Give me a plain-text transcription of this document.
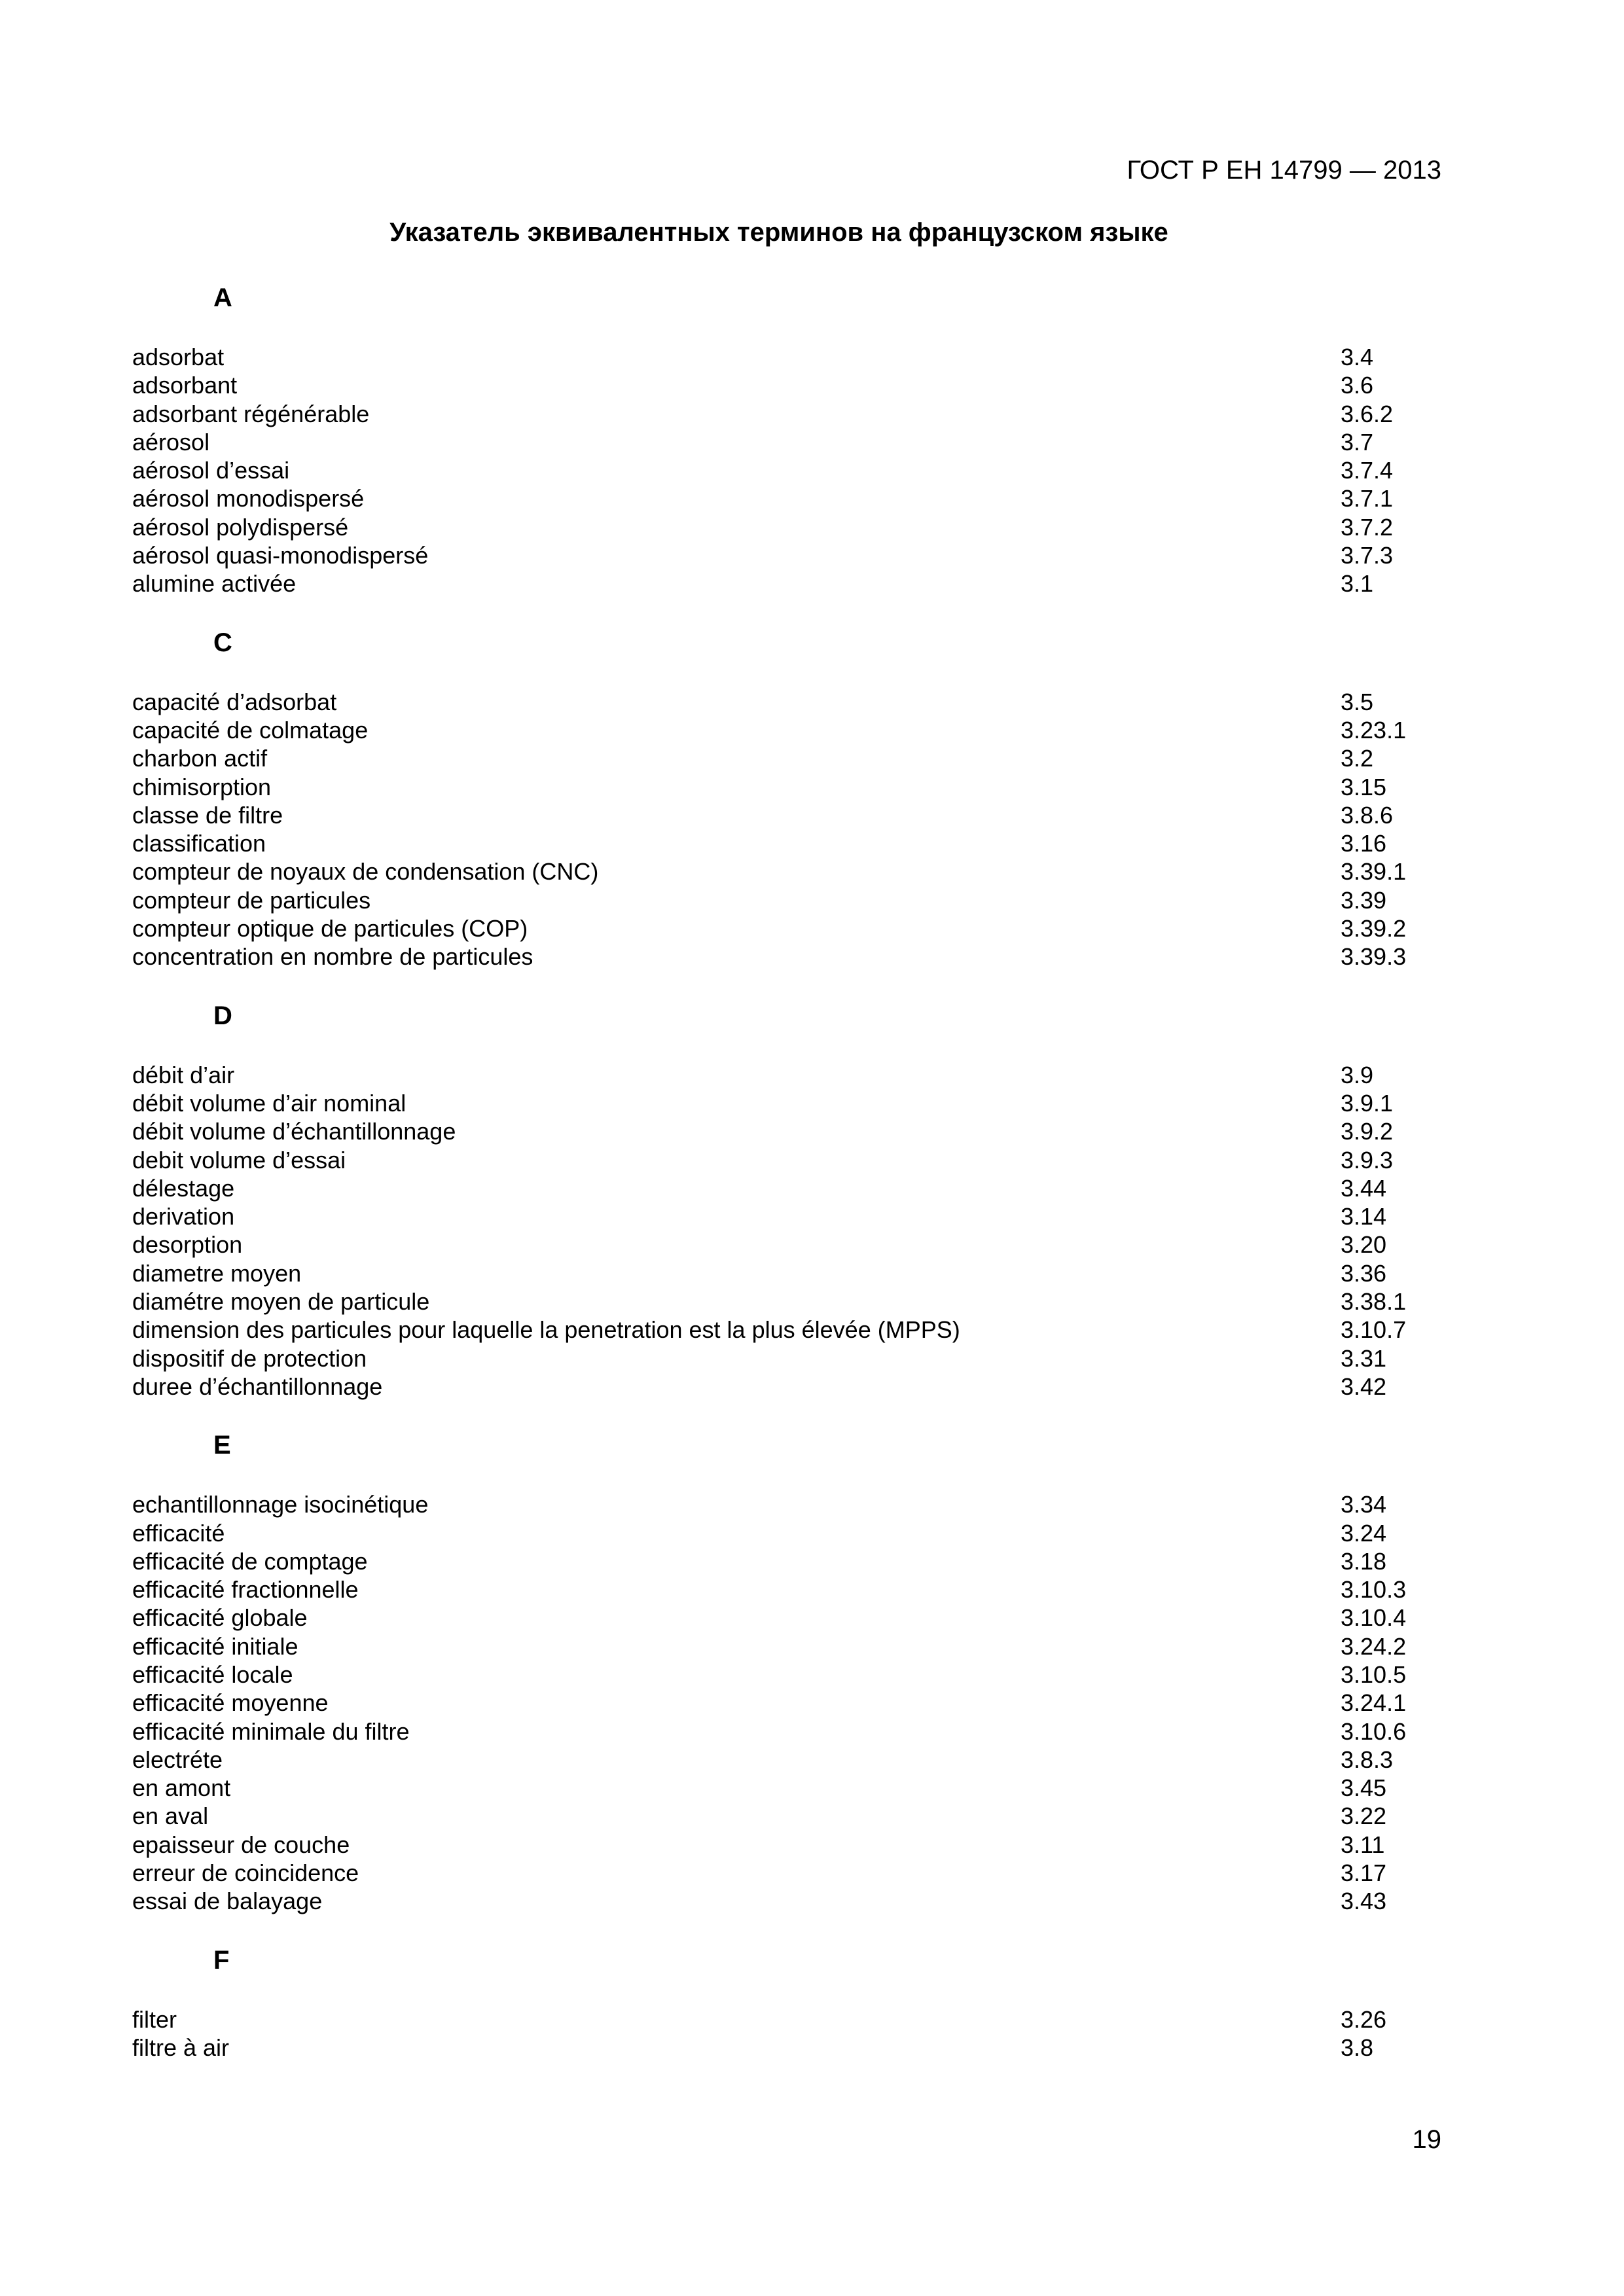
ГОСТ Р ЕН 14799 — 2013
Указатель эквивалентных терминов на французском языке
A
adsorbat	3.4
adsorbant	3.6
adsorbant régénérable	3.6.2
aérosol	3.7
aérosol d’essai	3.7.4
aérosol monodispersé	3.7.1
aérosol polydispersé	3.7.2
aérosol quasi-monodispersé	3.7.3
alumine activée	3.1
C
capacité d’adsorbat	3.5
capacité de colmatage	3.23.1
charbon actif	3.2
chimisorption	3.15
classe de filtre	3.8.6
classification	3.16
compteur de noyaux de condensation (CNC)	3.39.1
compteur de particules	3.39
compteur optique de particules (COP)	3.39.2
concentration en nombre de particules	3.39.3
D
débit d’air	3.9
débit volume d’air nominal	3.9.1
débit volume d’échantillonnage	3.9.2
debit volume d’essai	3.9.3
délestage	3.44
derivation	3.14
desorption	3.20
diametre moyen	3.36
diamétre moyen de particule	3.38.1
dimension des particules pour laquelle la penetration est la plus élevée (MPPS)	3.10.7
dispositif de protection	3.31
duree d’échantillonnage	3.42
E
echantillonnage isocinétique	3.34
efficacité	3.24
efficacité de comptage	3.18
efficacité fractionnelle	3.10.3
efficacité globale	3.10.4
efficacité initiale	3.24.2
efficacité locale	3.10.5
efficacité moyenne	3.24.1
efficacité minimale du filtre	3.10.6
electréte	3.8.3
en amont	3.45
en aval	3.22
epaisseur de couche	3.11
erreur de coincidence	3.17
essai de balayage	3.43
F
filter	3.26
filtre à air	3.8
19
